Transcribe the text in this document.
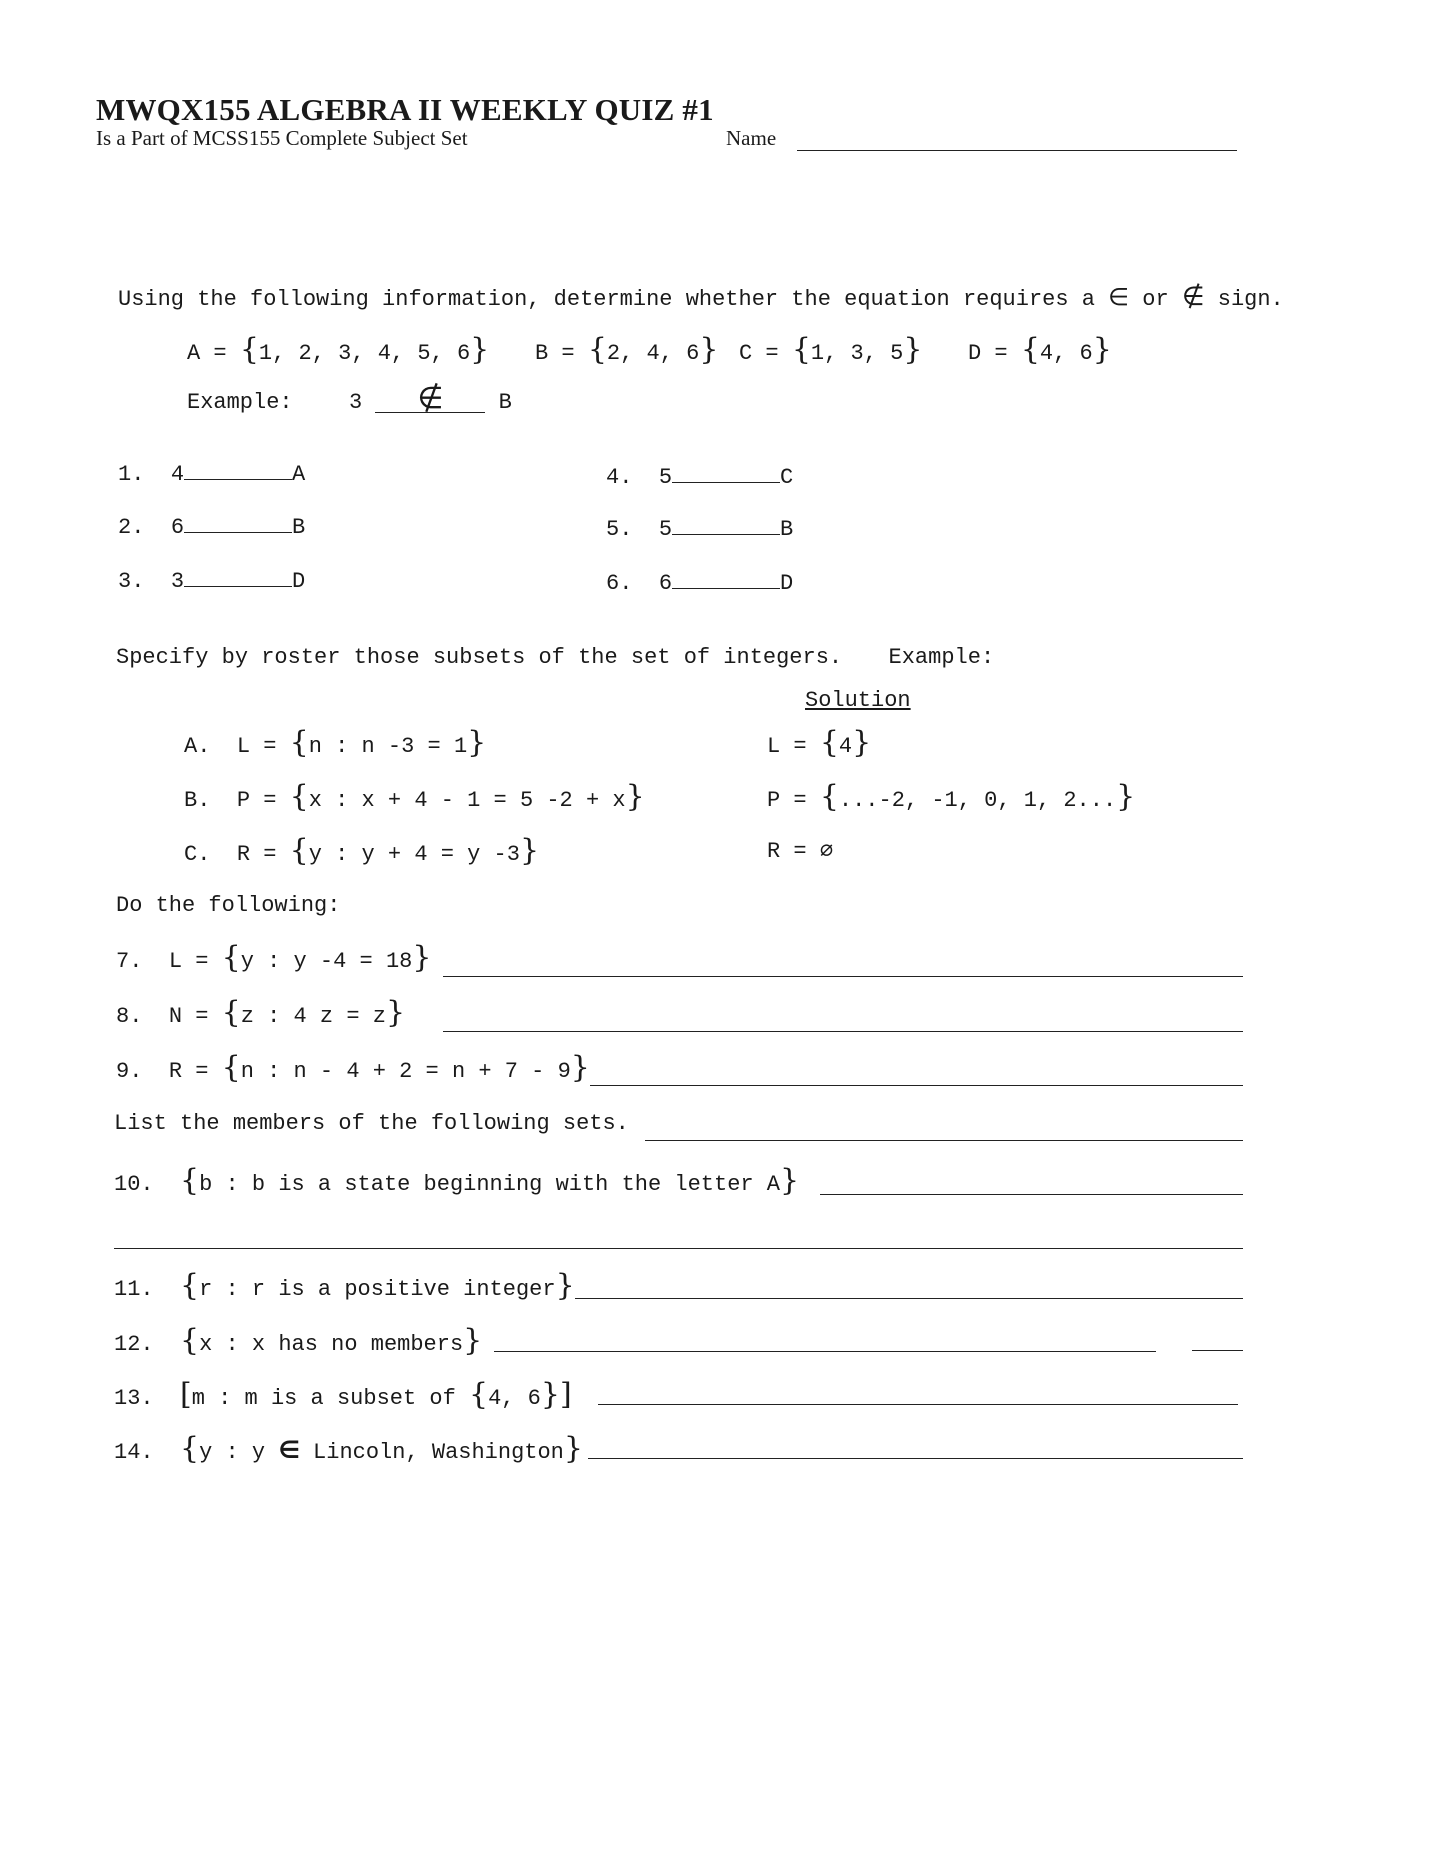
MWQX155 ALGEBRA II WEEKLY QUIZ #1
Is a Part of MCSS155 Complete Subject Set	Name
Using the following information, determine whether the equation requires a ∈ or ∉ sign.
A = {1, 2, 3, 4, 5, 6} B = {2, 4, 6} C = {1, 3, 5} D = {4, 6}
Example:	3 ∉	B
1. 4	A
2. 6	B
3. 3	D
4. 5	C
5. 5	B
6. 6	D
Specify by roster those subsets of the set of integers. Example:
Solution
A. L = {n : n -3 = 1}	L = {4}
B. P = {x : x + 4 - 1 = 5 -2 + x}	P = {...-2, -1, 0, 1, 2...}
C. R = {y : y + 4 = y -3}	R = ∅
Do the following:
7. L = {y : y -4 = 18}
8. N = {z : 4 z = z}
9. R = {n : n - 4 + 2 = n + 7 - 9}
List the members of the following sets.
10. {b : b is a state beginning with the letter A}
11. {r : r is a positive integer}
12. {x : x has no members}
13. [m : m is a subset of {4, 6}]
14. {y : y ∈ Lincoln, Washington}
